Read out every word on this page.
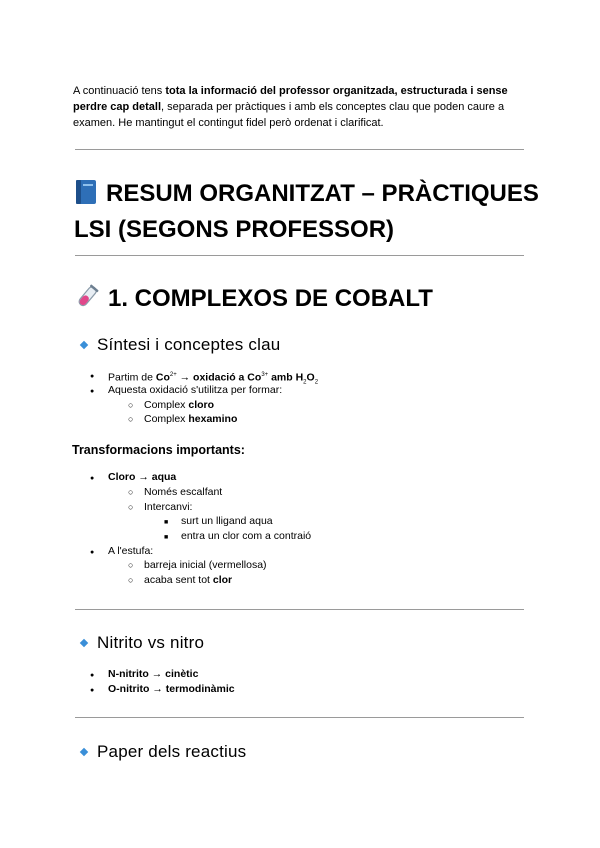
A continuació tens tota la informació del professor organitzada, estructurada i sense perdre cap detall, separada per pràctiques i amb els conceptes clau que poden caure a examen. He mantingut el contingut fidel però ordenat i clarificat.
RESUM ORGANITZAT – PRÀCTIQUES
LSI (SEGONS PROFESSOR)
1. COMPLEXOS DE COBALT
Síntesi i conceptes clau
●
Partim de $Co^{2+}$ → oxidació a $Co^{3+}$ amb $H_2O_2$
●
Aquesta oxidació s'utilitza per formar:
○
Complex cloro
○
Complex hexamino
Transformacions importants:
●
Cloro → aqua
○
Només escalfant
○
Intercanvi:
■
surt un lligand aqua
■
entra un clor com a contraió
●
A l'estufa:
○
barreja inicial (vermellosa)
○
acaba sent tot clor
Nitrito vs nitro
●
N-nitrito → cinètic
●
O-nitrito → termodinàmic
Paper dels reactius
